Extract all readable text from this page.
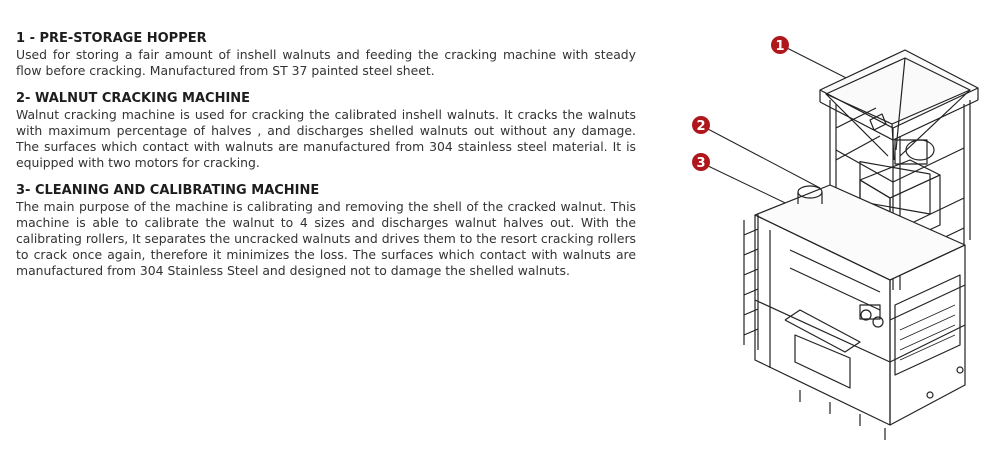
1 - PRE-STORAGE HOPPER

Used for storing a fair amount of inshell walnuts and feeding the cracking machine with steady flow before cracking. Manufactured from ST 37 painted steel sheet.

2- WALNUT CRACKING MACHINE

Walnut cracking machine is used for cracking the calibrated inshell walnuts. It cracks the walnuts with maximum percentage of halves , and discharges shelled walnuts out without any damage. The surfaces which contact with walnuts are manufactured from 304 stainless steel material. It is equipped with two motors for cracking.

3- CLEANING AND CALIBRATING MACHINE

The main purpose of the machine is calibrating and removing the shell of the cracked walnut. This machine is able to calibrate the walnut to 4 sizes and discharges walnut halves out. With the calibrating rollers, It separates the uncracked walnuts and drives them to the resort cracking rollers to crack once again, therefore it minimizes the loss. The surfaces which contact with walnuts are manufactured from 304 Stainless Steel and designed not to damage the shelled walnuts.

1
2
3
